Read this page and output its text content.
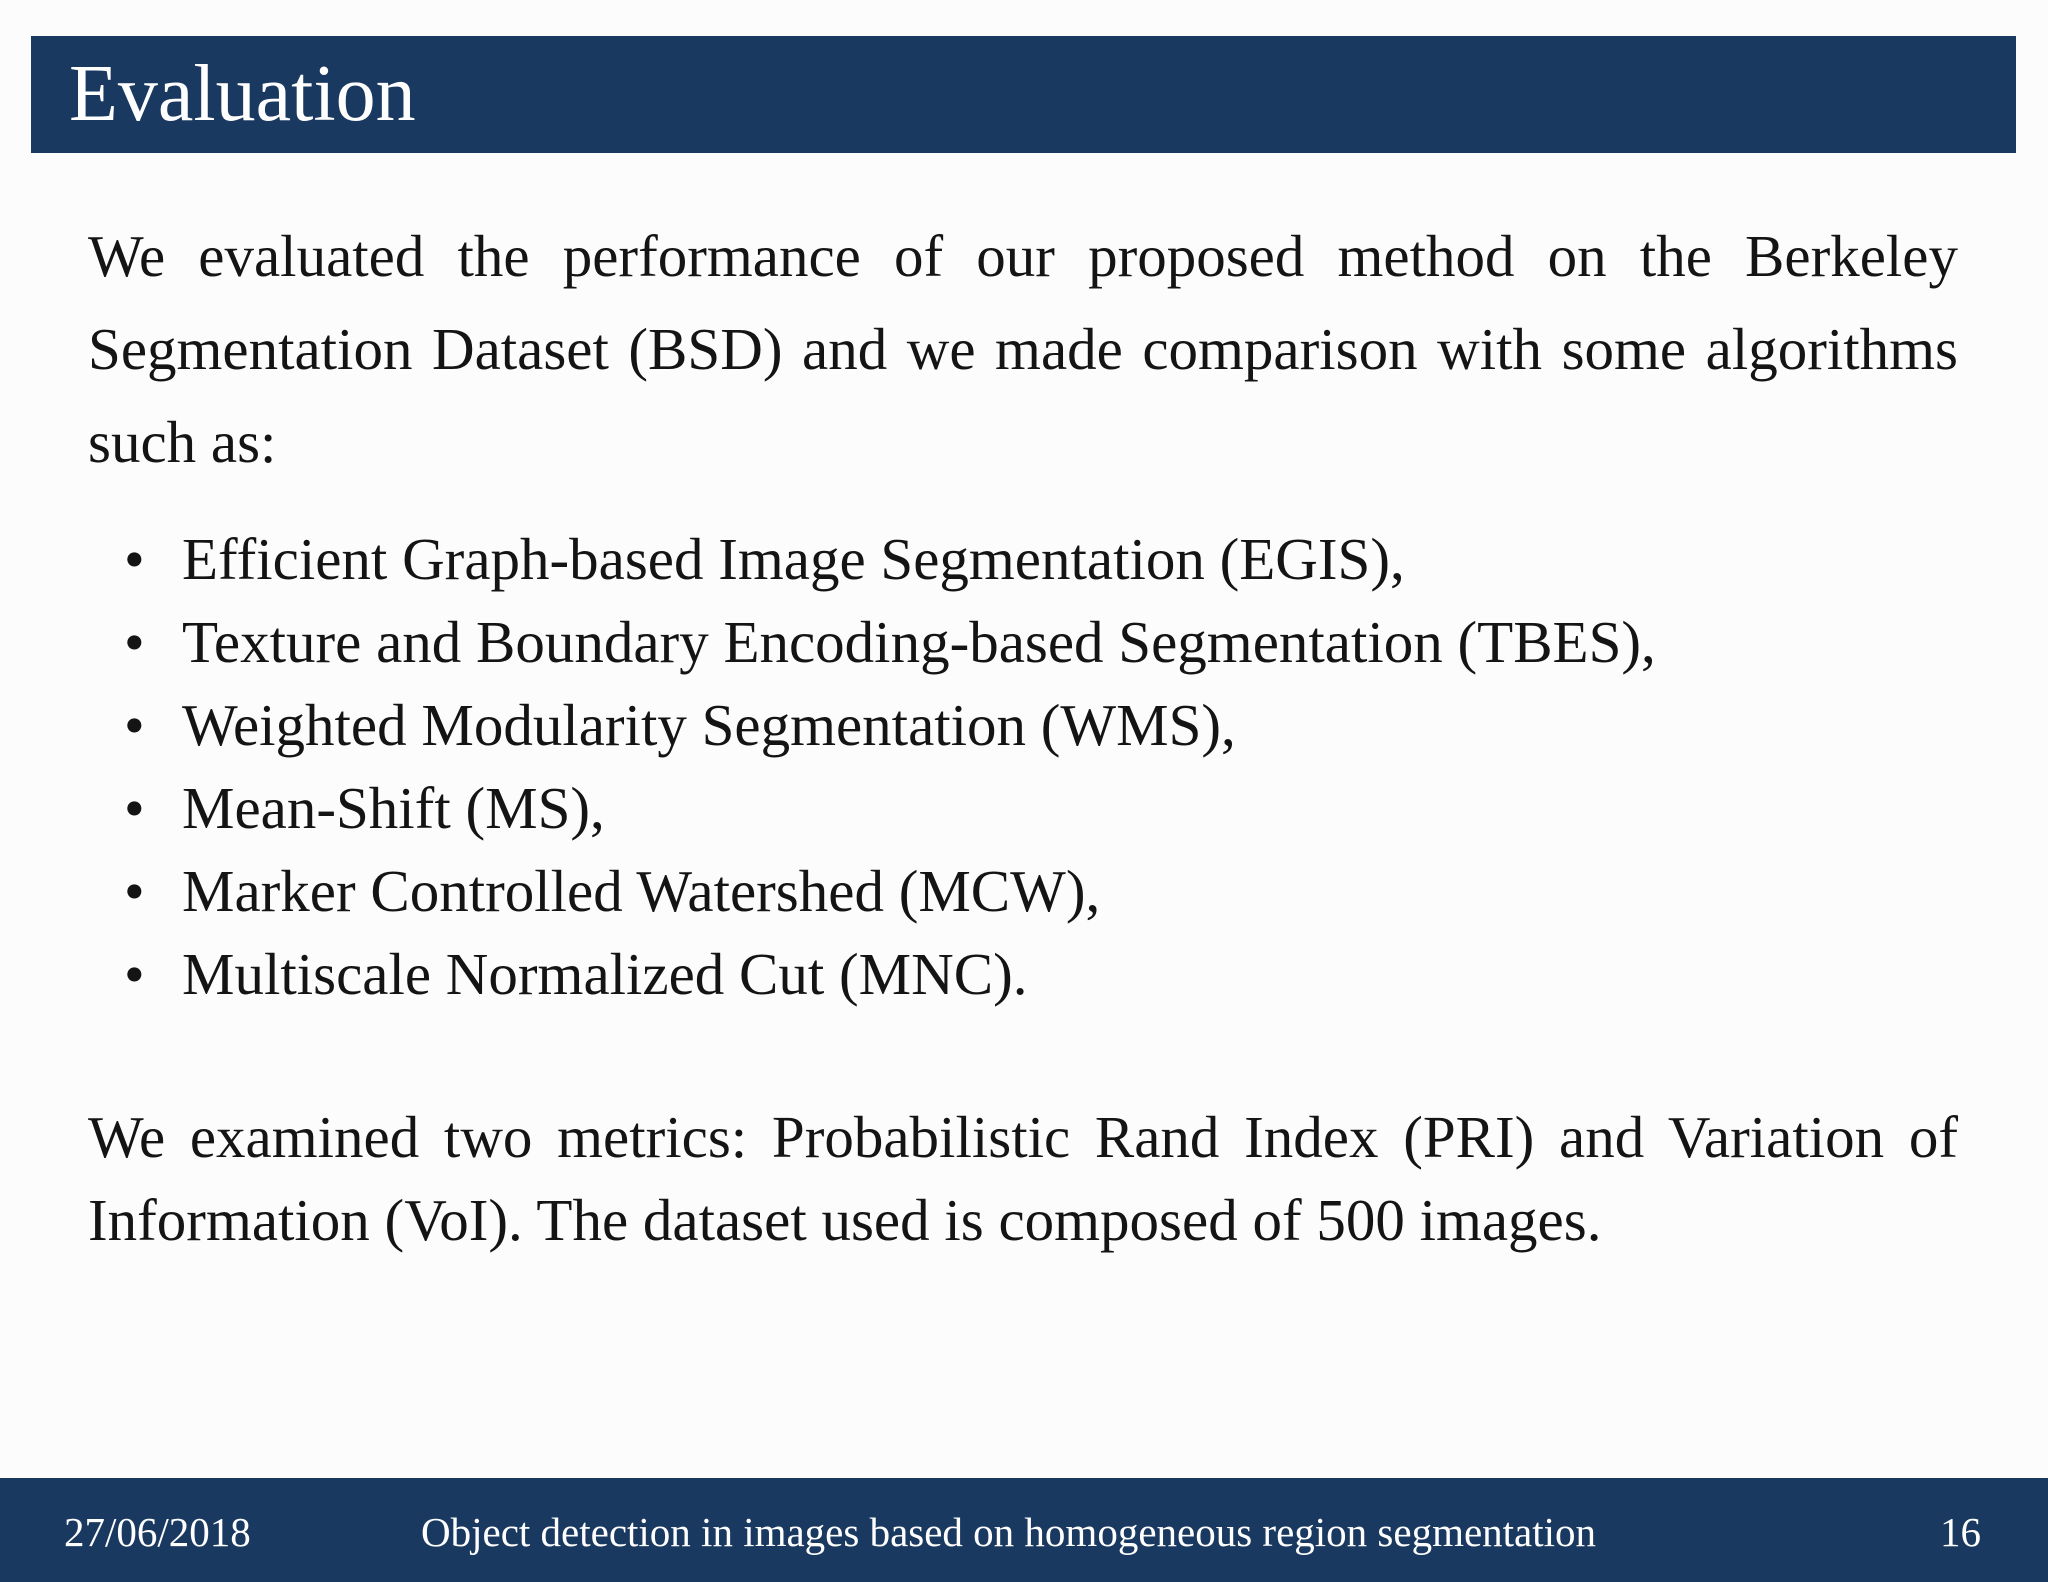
Evaluation

We evaluated the performance of our proposed method on the Berkeley Segmentation Dataset (BSD) and we made comparison with some algorithms such as:

• Efficient Graph-based Image Segmentation (EGIS),
• Texture and Boundary Encoding-based Segmentation (TBES),
• Weighted Modularity Segmentation (WMS),
• Mean-Shift (MS),
• Marker Controlled Watershed (MCW),
• Multiscale Normalized Cut (MNC).

We examined two metrics: Probabilistic Rand Index (PRI) and Variation of Information (VoI). The dataset used is composed of 500 images.

27/06/2018	Object detection in images based on homogeneous region segmentation	16
